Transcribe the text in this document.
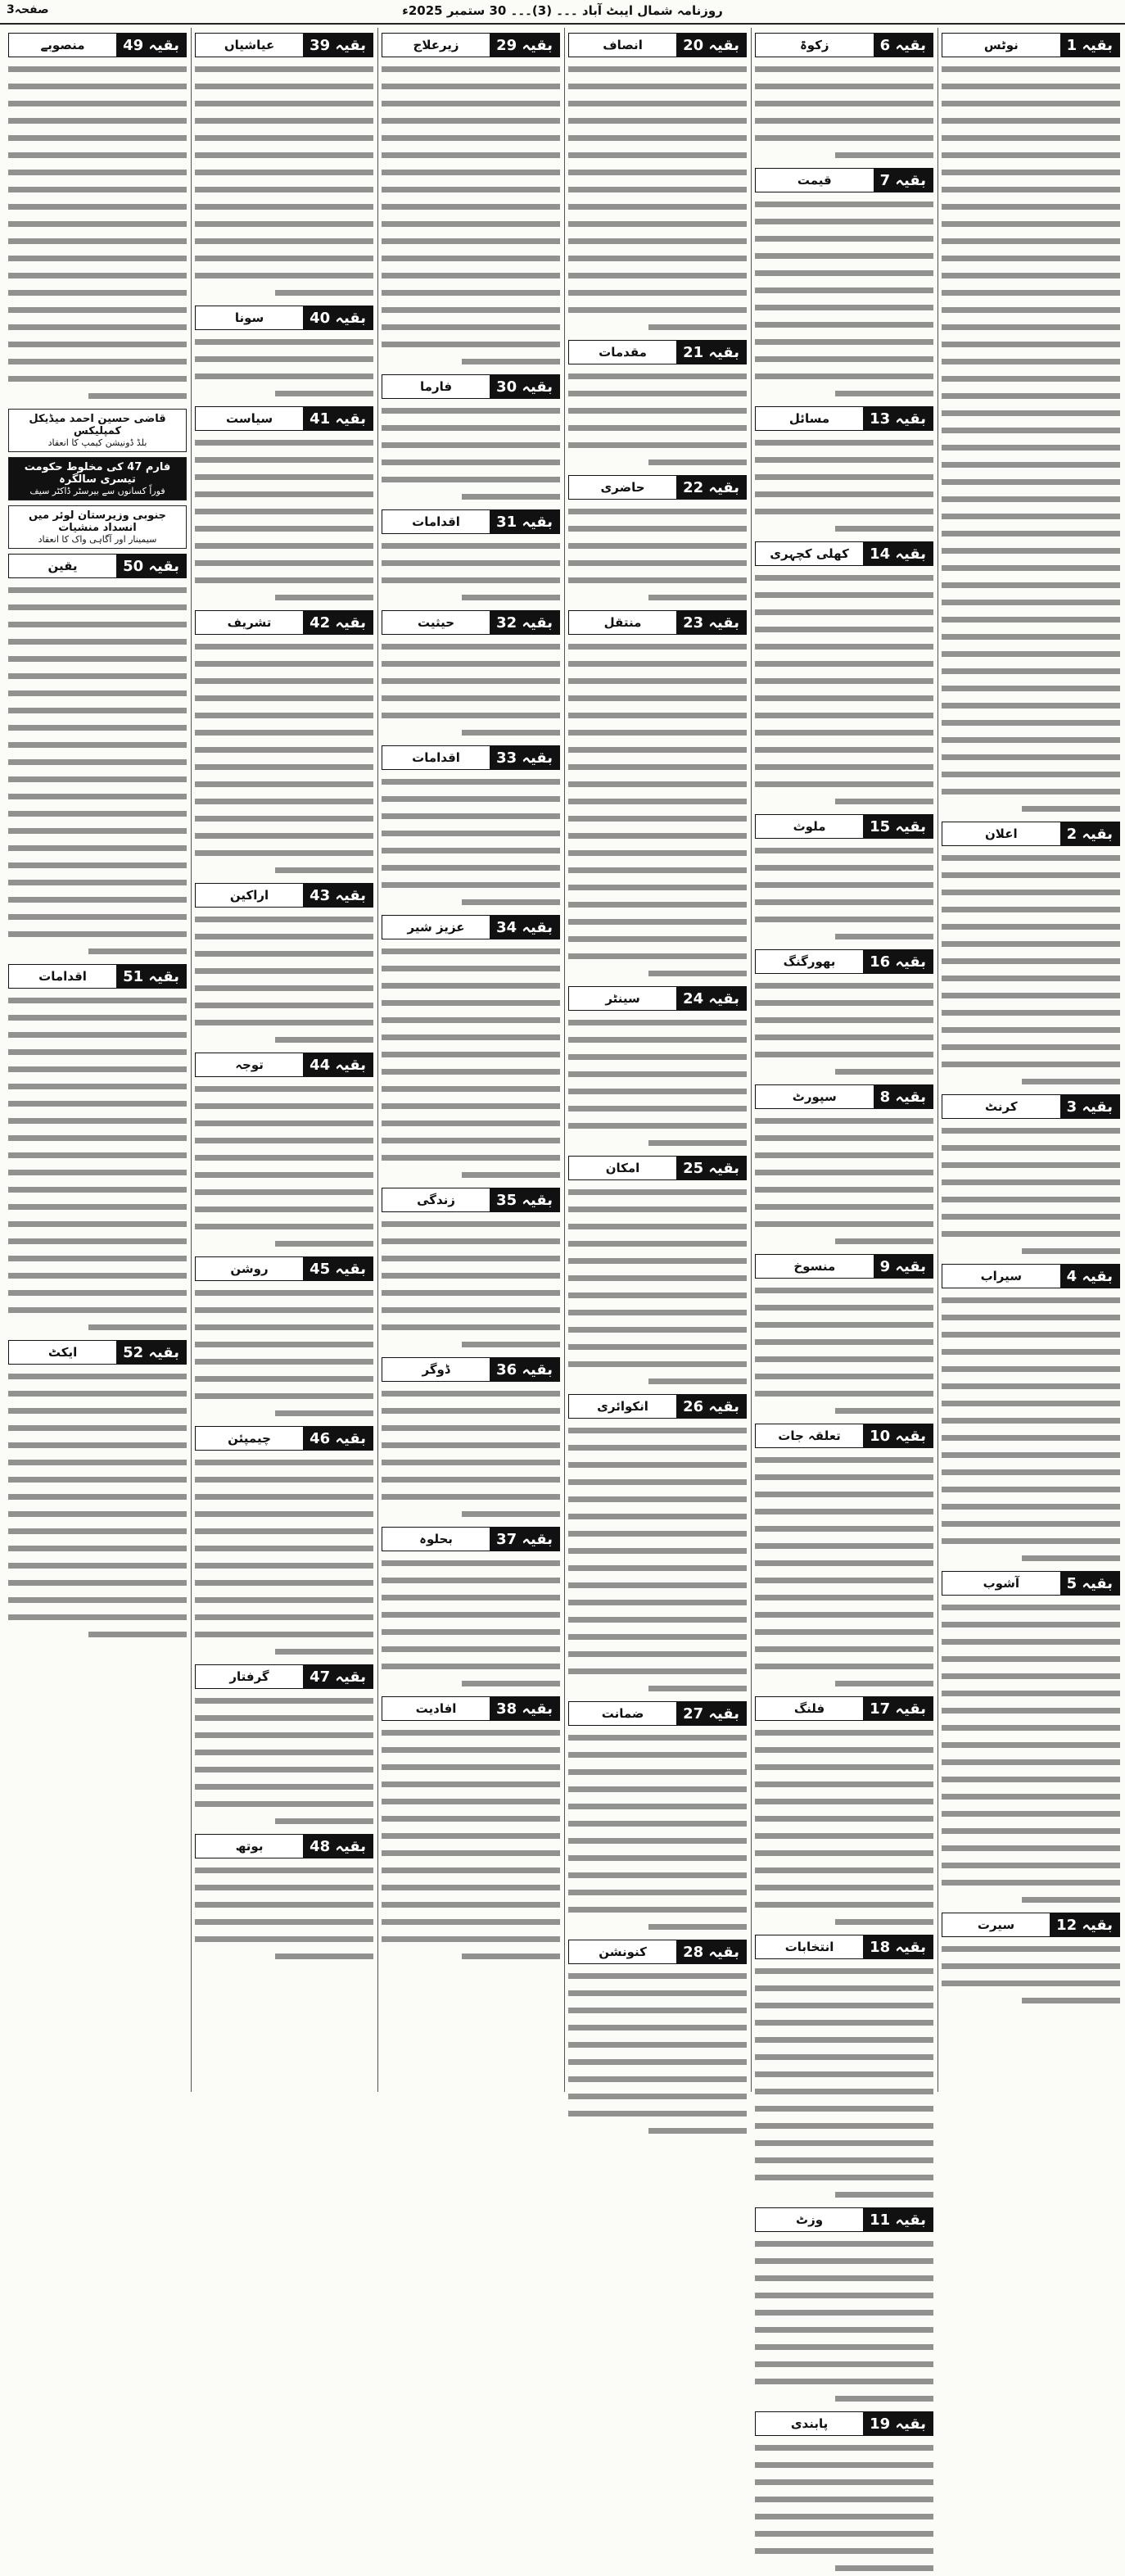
صفحہ3	روزنامہ شمال ایبٹ آباد ۔۔۔ (3)۔۔۔ 30 ستمبر 2025ء
بقیہ 1
نوٹس
بقیہ 2
اعلان
بقیہ 3
کرنٹ
بقیہ 4
سیراب
بقیہ 5
آشوب
بقیہ 12
سیرت
بقیہ 6
زکوۃ
بقیہ 7
قیمت
بقیہ 13
مسائل
بقیہ 14
کھلی کچہری
بقیہ 15
ملوث
بقیہ 16
بھورگنگ
بقیہ 8
سپورٹ
بقیہ 9
منسوخ
بقیہ 10
تعلقہ جات
بقیہ 17
فلنگ
بقیہ 18
انتخابات
بقیہ 11
وزٹ
بقیہ 19
پابندی
بقیہ 20
انصاف
بقیہ 21
مقدمات
بقیہ 22
حاضری
بقیہ 23
منتقل
بقیہ 24
سینٹر
بقیہ 25
امکان
بقیہ 26
انکوائری
بقیہ 27
ضمانت
بقیہ 28
کنونشن
بقیہ 29
زیرعلاج
بقیہ 30
فارما
بقیہ 31
اقدامات
بقیہ 32
حیثیت
بقیہ 33
اقدامات
بقیہ 34
عزیز شیر
بقیہ 35
زندگی
بقیہ 36
ڈوگر
بقیہ 37
بحلوہ
بقیہ 38
افادیت
بقیہ 39
عیاشیاں
بقیہ 40
سونا
بقیہ 41
سیاست
بقیہ 42
تشریف
بقیہ 43
اراکین
بقیہ 44
توجہ
بقیہ 45
روشن
بقیہ 46
چیمپئن
بقیہ 47
گرفتار
بقیہ 48
بوتھ
بقیہ 49
منصوبے
قاضی حسین احمد میڈیکل کمپلیکس
بلڈ ڈونیشن کیمپ کا انعقاد
فارم 47 کی مخلوط حکومت تیسری سالگرہ
فوراً کسانوں سے بیرسٹر ڈاکٹر سیف
جنوبی وزیرستان لوئر میں انسداد منشیات
سیمینار اور آگاہی واک کا انعقاد
بقیہ 50
یقین
بقیہ 51
اقدامات
بقیہ 52
ایکٹ
